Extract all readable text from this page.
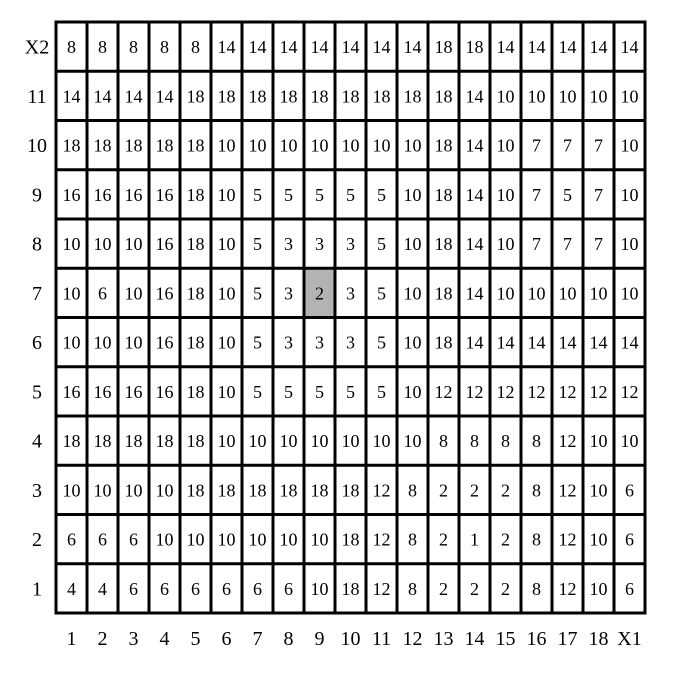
8 8 8 8 8 14 14 14 14 14 14 14 18 18 14 14 14 14 14
14 14 14 14 18 18 18 18 18 18 18 18 18 14 10 10 10 10 10
18 18 18 18 18 10 10 10 10 10 10 10 18 14 10 7 7 7 10
16 16 16 16 18 10 5 5 5 5 5 10 18 14 10 7 5 7 10
10 10 10 16 18 10 5 3 3 3 5 10 18 14 10 7 7 7 10
10 6 10 16 18 10 5 3 2 3 5 10 18 14 10 10 10 10 10
10 10 10 16 18 10 5 3 3 3 5 10 18 14 14 14 14 14 14
16 16 16 16 18 10 5 5 5 5 5 10 12 12 12 12 12 12 12
18 18 18 18 18 10 10 10 10 10 10 10 8 8 8 8 12 10 10
10 10 10 10 18 18 18 18 18 18 12 8 2 2 2 8 12 10 6
6 6 6 10 10 10 10 10 10 18 12 8 2 1 2 8 12 10 6
4 4 6 6 6 6 6 6 10 18 12 8 2 2 2 8 12 10 6
X2
11
10
9
8
7
6
5
4
3
2
1
1 2 3 4 5 6 7 8 9 10 11 12 13 14 15 16 17 18 X1
